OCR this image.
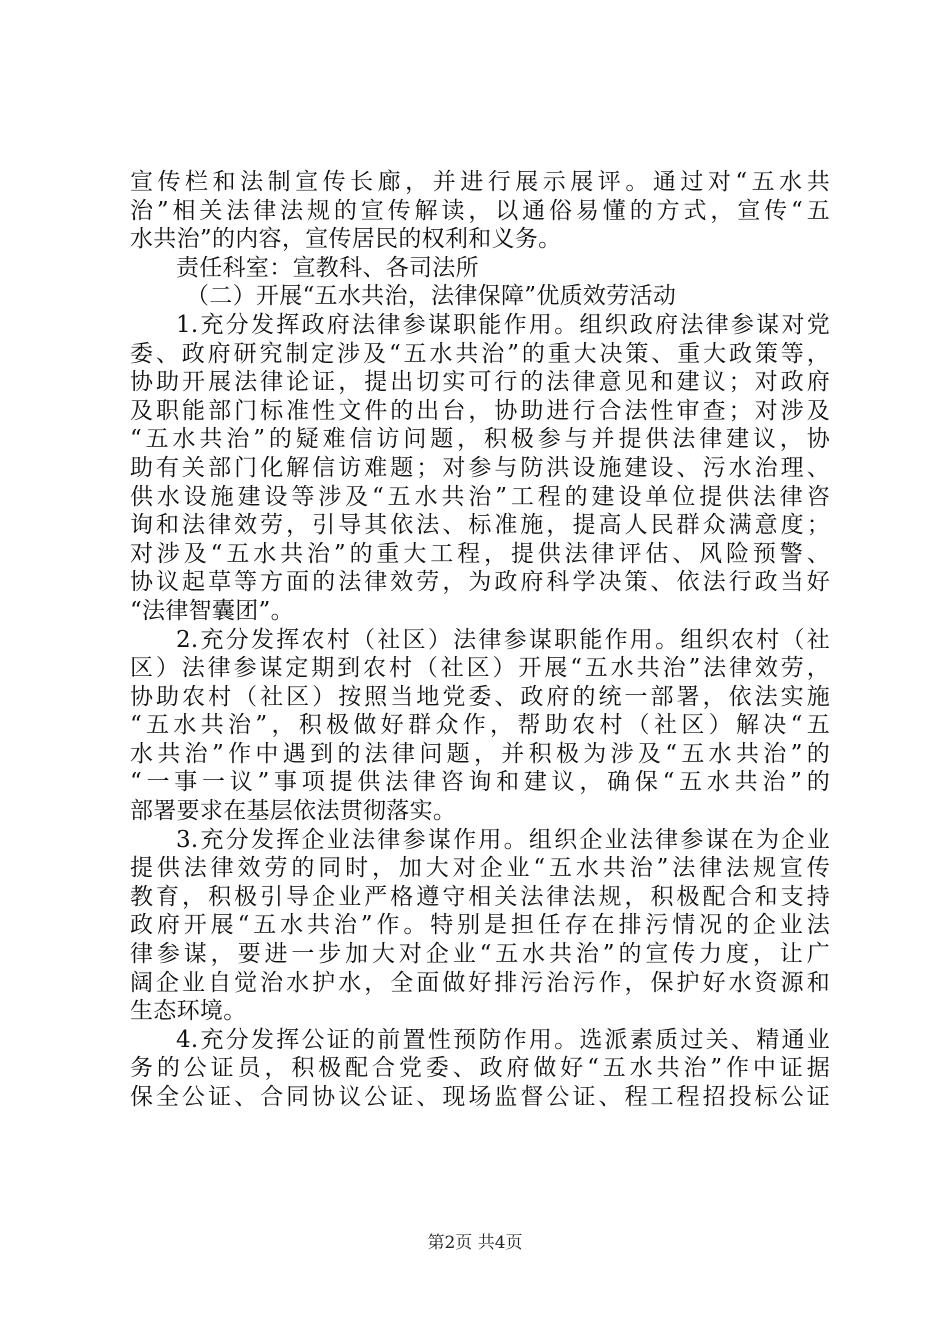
宣传栏和法制宣传长廊，并进行展示展评。通过对“五水共
治”相关法律法规的宣传解读，以通俗易懂的方式，宣传“五
水共治”的内容，宣传居民的权利和义务。
责任科室：宣教科、各司法所
（二）开展“五水共治，法律保障”优质效劳活动
1.充分发挥政府法律参谋职能作用。组织政府法律参谋对党
委、政府研究制定涉及“五水共治”的重大决策、重大政策等，
协助开展法律论证，提出切实可行的法律意见和建议；对政府
及职能部门标准性文件的出台，协助进行合法性审查；对涉及
“五水共治”的疑难信访问题，积极参与并提供法律建议，协
助有关部门化解信访难题；对参与防洪设施建设、污水治理、
供水设施建设等涉及“五水共治”工程的建设单位提供法律咨
询和法律效劳，引导其依法、标准施，提高人民群众满意度；
对涉及“五水共治”的重大工程，提供法律评估、风险预警、
协议起草等方面的法律效劳，为政府科学决策、依法行政当好
“法律智囊团”。
2.充分发挥农村（社区）法律参谋职能作用。组织农村（社
区）法律参谋定期到农村（社区）开展“五水共治”法律效劳，
协助农村（社区）按照当地党委、政府的统一部署，依法实施
“五水共治”，积极做好群众作，帮助农村（社区）解决“五
水共治”作中遇到的法律问题，并积极为涉及“五水共治”的
“一事一议”事项提供法律咨询和建议，确保“五水共治”的
部署要求在基层依法贯彻落实。
3.充分发挥企业法律参谋作用。组织企业法律参谋在为企业
提供法律效劳的同时，加大对企业“五水共治”法律法规宣传
教育，积极引导企业严格遵守相关法律法规，积极配合和支持
政府开展“五水共治”作。特别是担任存在排污情况的企业法
律参谋，要进一步加大对企业“五水共治”的宣传力度，让广
阔企业自觉治水护水，全面做好排污治污作，保护好水资源和
生态环境。
4.充分发挥公证的前置性预防作用。选派素质过关、精通业
务的公证员，积极配合党委、政府做好“五水共治”作中证据
保全公证、合同协议公证、现场监督公证、程工程招投标公证
第2页 共4页
